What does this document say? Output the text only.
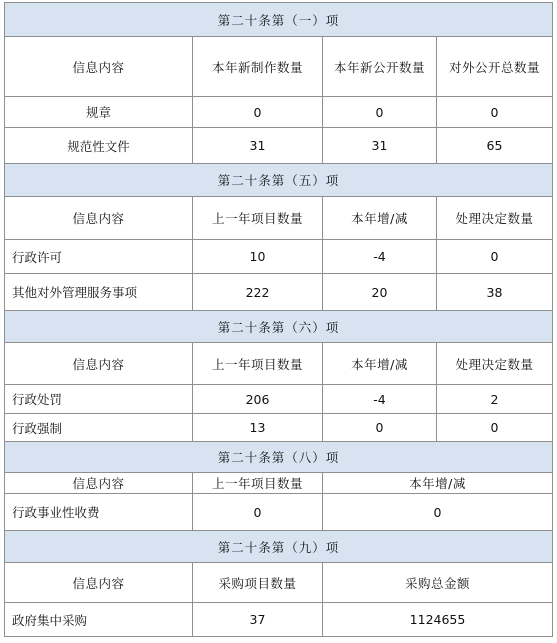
第二十条第（一）项			
信息内容	本年新制作数量	本年新公开数量	对外公开总数量
规章	0	0	0
规范性文件	31	31	65
第二十条第（五）项			
信息内容	上一年项目数量	本年增/减	处理决定数量
行政许可	10	-4	0
其他对外管理服务事项	222	20	38
第二十条第（六）项			
信息内容	上一年项目数量	本年增/减	处理决定数量
行政处罚	206	-4	2
行政强制	13	0	0
第二十条第（八）项			
信息内容	上一年项目数量	本年增/减	
行政事业性收费	0	0	
第二十条第（九）项			
信息内容	采购项目数量	采购总金额	
政府集中采购	37	1124655	
